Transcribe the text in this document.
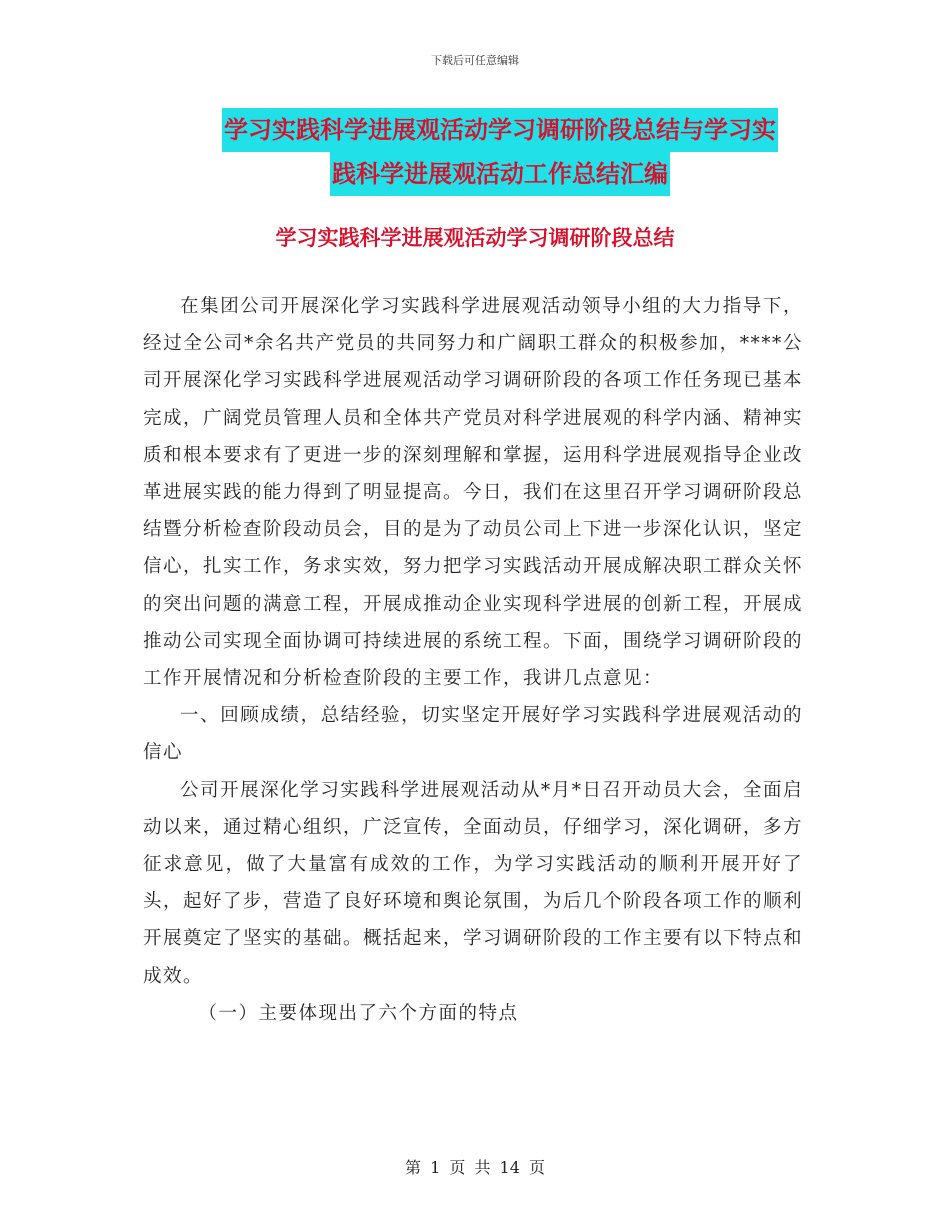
下载后可任意编辑
学习实践科学进展观活动学习调研阶段总结与学习实
践科学进展观活动工作总结汇编
学习实践科学进展观活动学习调研阶段总结

在集团公司开展深化学习实践科学进展观活动领导小组的大力指导下，经过全公司*余名共产党员的共同努力和广阔职工群众的积极参加，****公司开展深化学习实践科学进展观活动学习调研阶段的各项工作任务现已基本完成，广阔党员管理人员和全体共产党员对科学进展观的科学内涵、精神实质和根本要求有了更进一步的深刻理解和掌握，运用科学进展观指导企业改革进展实践的能力得到了明显提高。今日，我们在这里召开学习调研阶段总结暨分析检查阶段动员会，目的是为了动员公司上下进一步深化认识，坚定信心，扎实工作，务求实效，努力把学习实践活动开展成解决职工群众关怀的突出问题的满意工程，开展成推动企业实现科学进展的创新工程，开展成推动公司实现全面协调可持续进展的系统工程。下面，围绕学习调研阶段的工作开展情况和分析检查阶段的主要工作，我讲几点意见：

一、回顾成绩，总结经验，切实坚定开展好学习实践科学进展观活动的信心

公司开展深化学习实践科学进展观活动从*月*日召开动员大会，全面启动以来，通过精心组织，广泛宣传，全面动员，仔细学习，深化调研，多方征求意见，做了大量富有成效的工作，为学习实践活动的顺利开展开好了头，起好了步，营造了良好环境和舆论氛围，为后几个阶段各项工作的顺利开展奠定了坚实的基础。概括起来，学习调研阶段的工作主要有以下特点和成效。

（一）主要体现出了六个方面的特点

第 1 页 共 14 页
